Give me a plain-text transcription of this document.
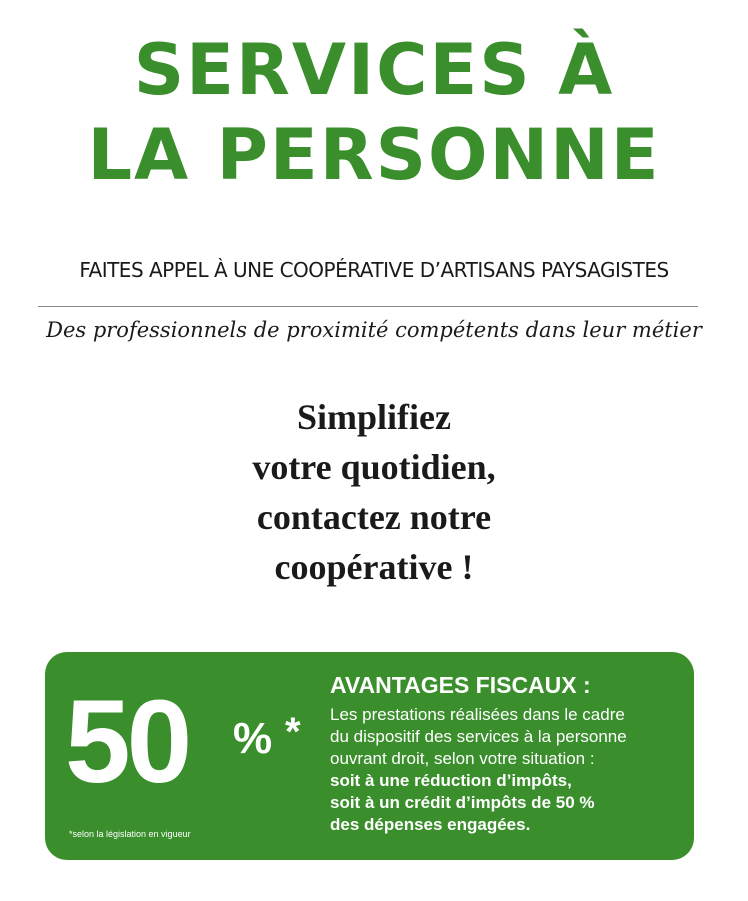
SERVICES À
LA PERSONNE
FAITES APPEL À UNE COOPÉRATIVE D’ARTISANS PAYSAGISTES
Des professionnels de proximité compétents dans leur métier
Simplifiez
votre quotidien,
contactez notre
coopérative !
50 % *
*selon la législation en vigueur
AVANTAGES FISCAUX :
Les prestations réalisées dans le cadre
du dispositif des services à la personne
ouvrant droit, selon votre situation :
soit à une réduction d’impôts,
soit à un crédit d’impôts de 50 %
des dépenses engagées.
